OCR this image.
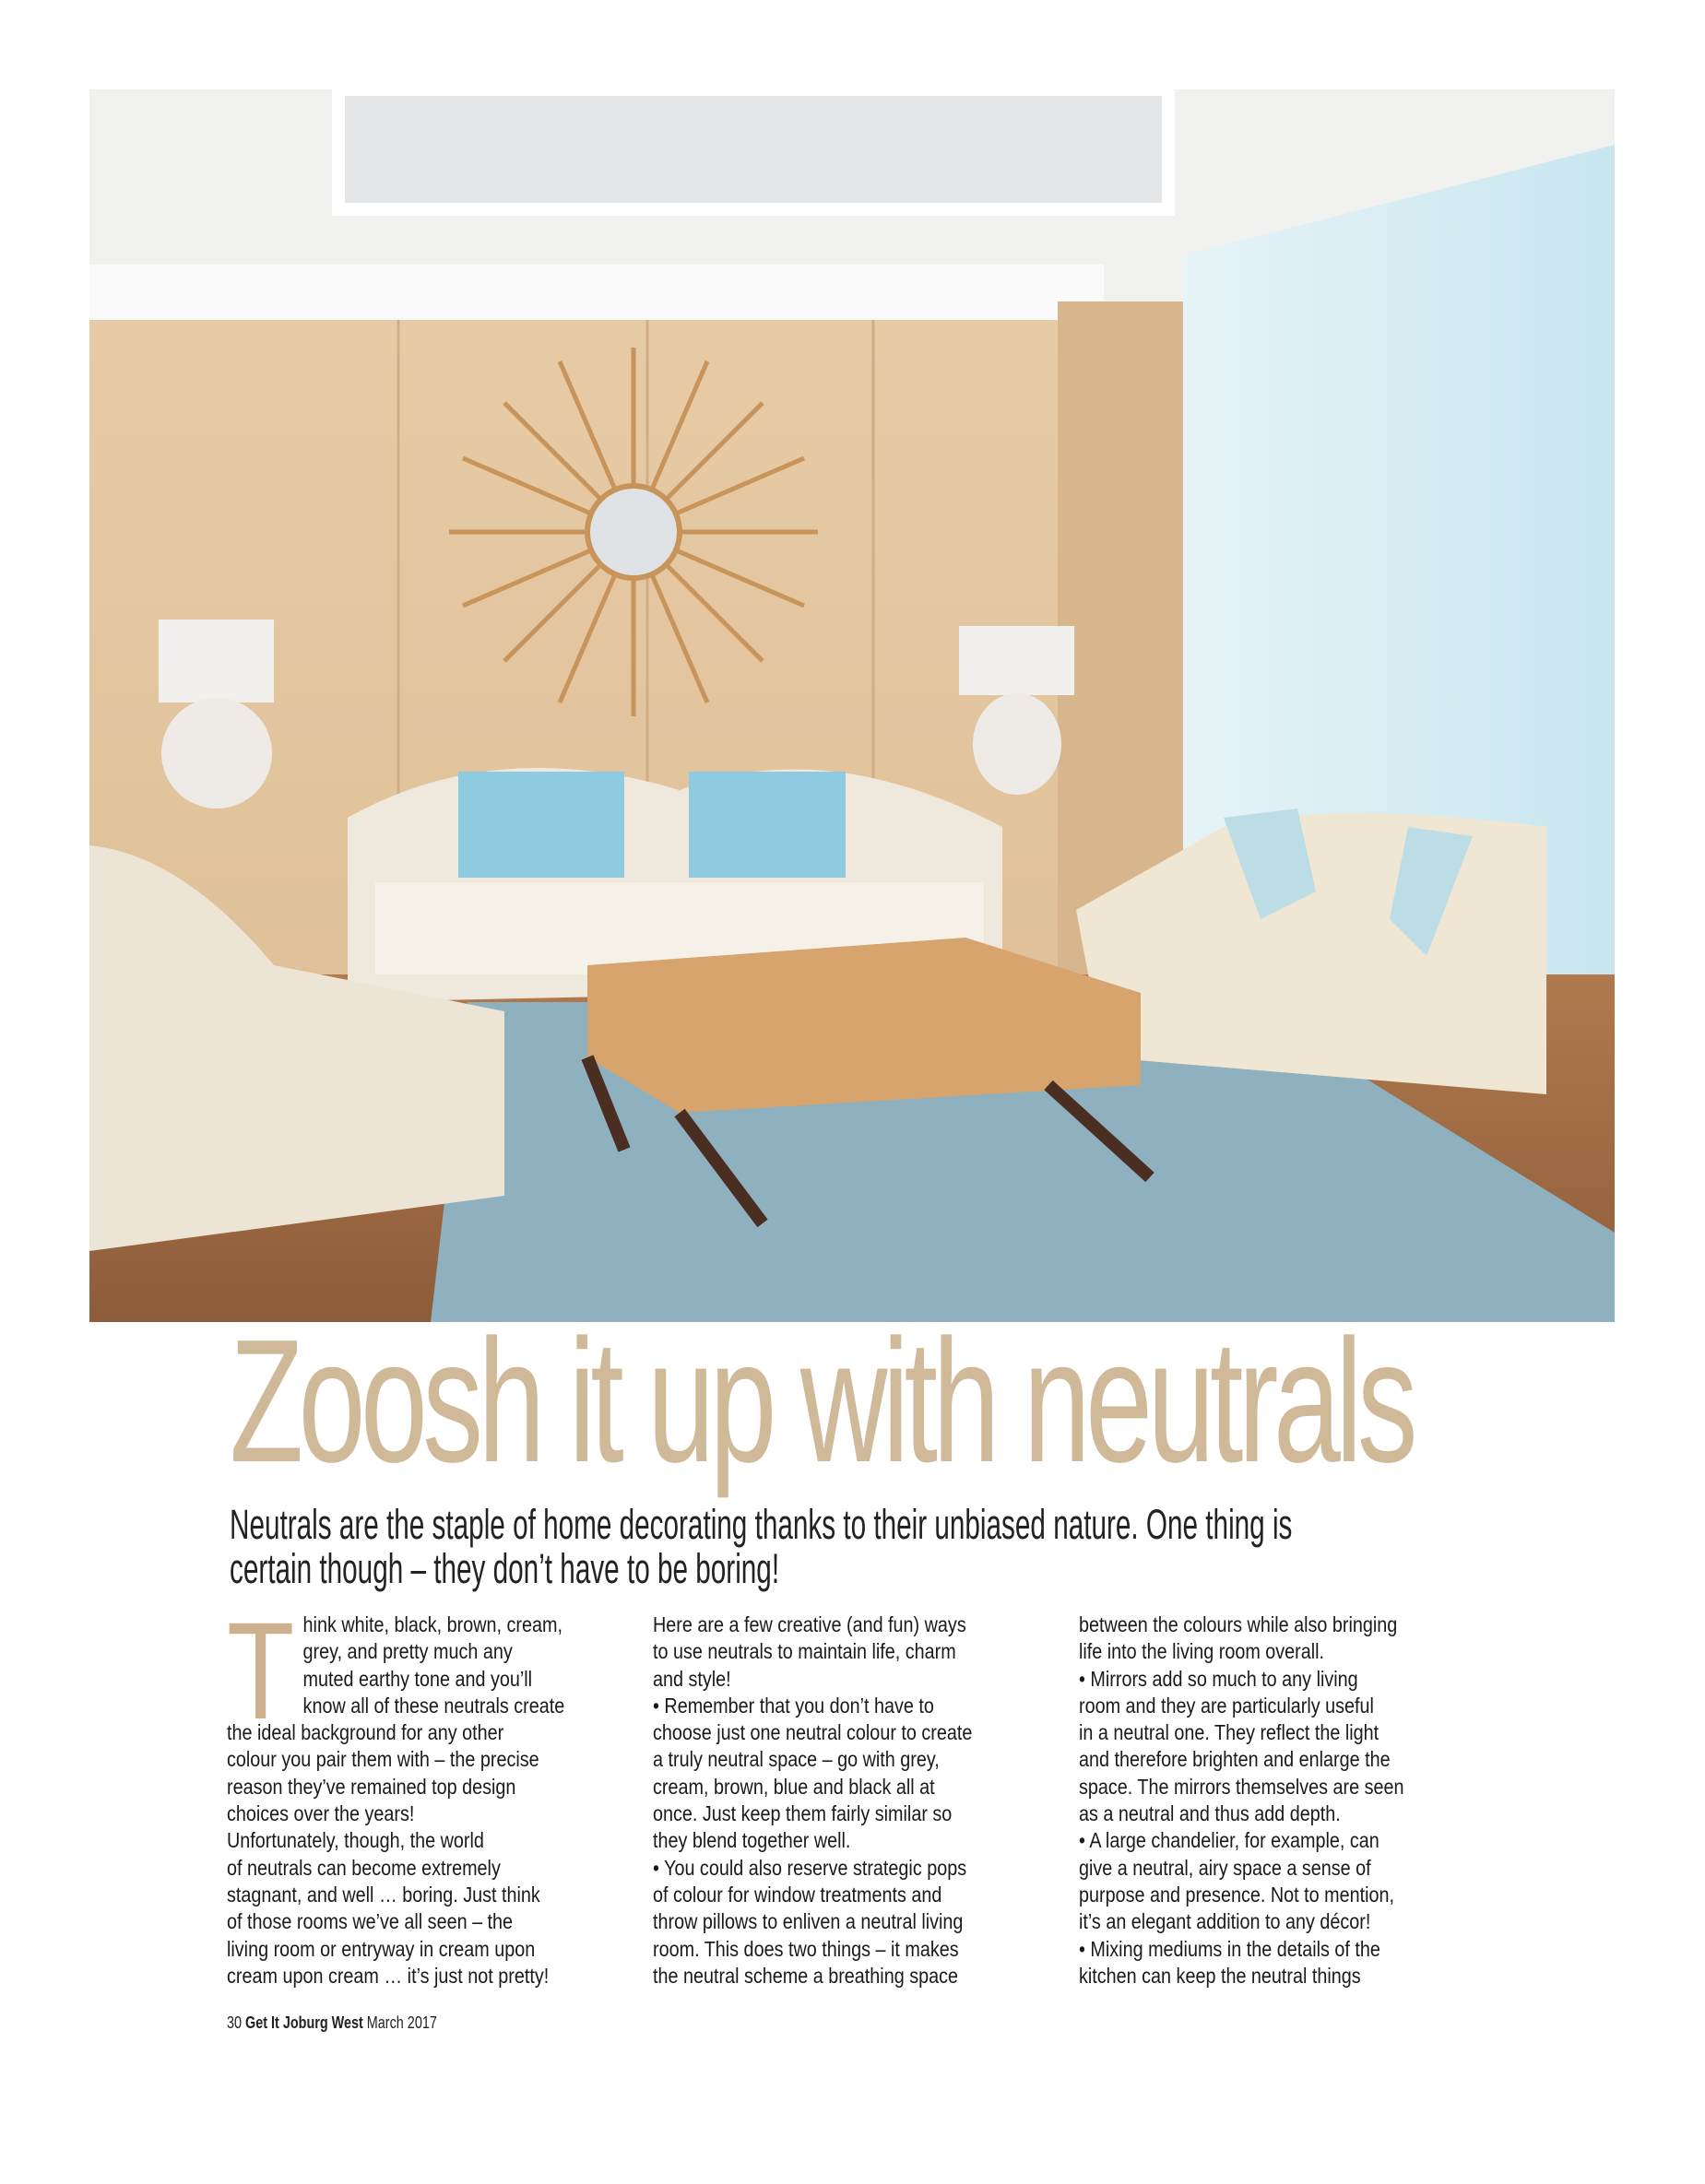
Zoosh it up with neutrals
Neutrals are the staple of home decorating thanks to their unbiased nature. One thing is
certain though – they don’t have to be boring!
T hink white, black, brown, cream,
grey, and pretty much any
muted earthy tone and you’ll
know all of these neutrals create
the ideal background for any other
colour you pair them with – the precise
reason they’ve remained top design
choices over the years!
Unfortunately, though, the world
of neutrals can become extremely
stagnant, and well … boring. Just think
of those rooms we’ve all seen – the
living room or entryway in cream upon
cream upon cream … it’s just not pretty!
Here are a few creative (and fun) ways
to use neutrals to maintain life, charm
and style!
• Remember that you don’t have to
choose just one neutral colour to create
a truly neutral space – go with grey,
cream, brown, blue and black all at
once. Just keep them fairly similar so
they blend together well.
• You could also reserve strategic pops
of colour for window treatments and
throw pillows to enliven a neutral living
room. This does two things – it makes
the neutral scheme a breathing space
between the colours while also bringing
life into the living room overall.
• Mirrors add so much to any living
room and they are particularly useful
in a neutral one. They reflect the light
and therefore brighten and enlarge the
space. The mirrors themselves are seen
as a neutral and thus add depth.
• A large chandelier, for example, can
give a neutral, airy space a sense of
purpose and presence. Not to mention,
it’s an elegant addition to any décor!
• Mixing mediums in the details of the
kitchen can keep the neutral things
30 Get It Joburg West March 2017
